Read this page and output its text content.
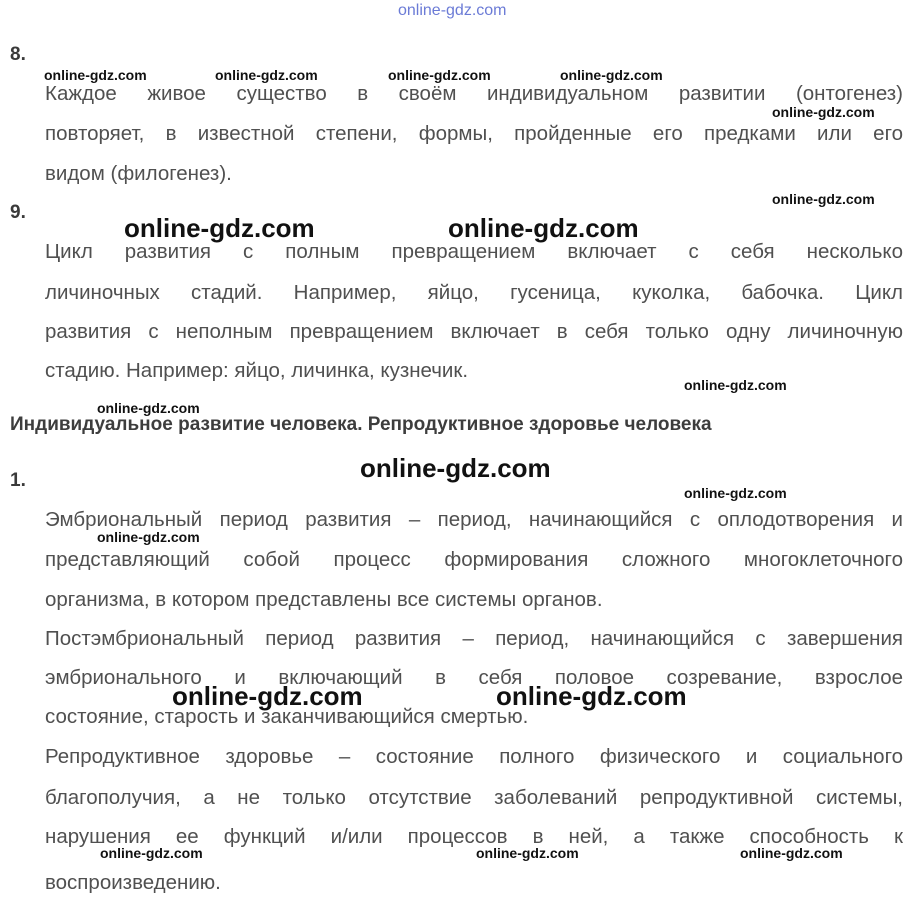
online-gdz.com
8.
Каждое живое существо в своём индивидуальном развитии (онтогенез)
повторяет, в известной степени, формы, пройденные его предками или его
видом (филогенез).
9.
Цикл развития с полным превращением включает с себя несколько
личиночных стадий. Например, яйцо, гусеница, куколка, бабочка. Цикл
развития с неполным превращением включает в себя только одну личиночную
стадию. Например: яйцо, личинка, кузнечик.
Индивидуальное развитие человека. Репродуктивное здоровье человека
1.
Эмбриональный период развития – период, начинающийся с оплодотворения и
представляющий собой процесс формирования сложного многоклеточного
организма, в котором представлены все системы органов.
Постэмбриональный период развития – период, начинающийся с завершения
эмбрионального и включающий в себя половое созревание, взрослое
состояние, старость и заканчивающийся смертью.
Репродуктивное здоровье – состояние полного физического и социального
благополучия, а не только отсутствие заболеваний репродуктивной системы,
нарушения ее функций и/или процессов в ней, а также способность к
воспроизведению.
online-gdz.com	online-gdz.com	online-gdz.com	online-gdz.com
online-gdz.com
online-gdz.com
online-gdz.com
online-gdz.com
online-gdz.com
online-gdz.com
online-gdz.com	online-gdz.com	online-gdz.com
online-gdz.com	online-gdz.com
online-gdz.com
online-gdz.com	online-gdz.com
